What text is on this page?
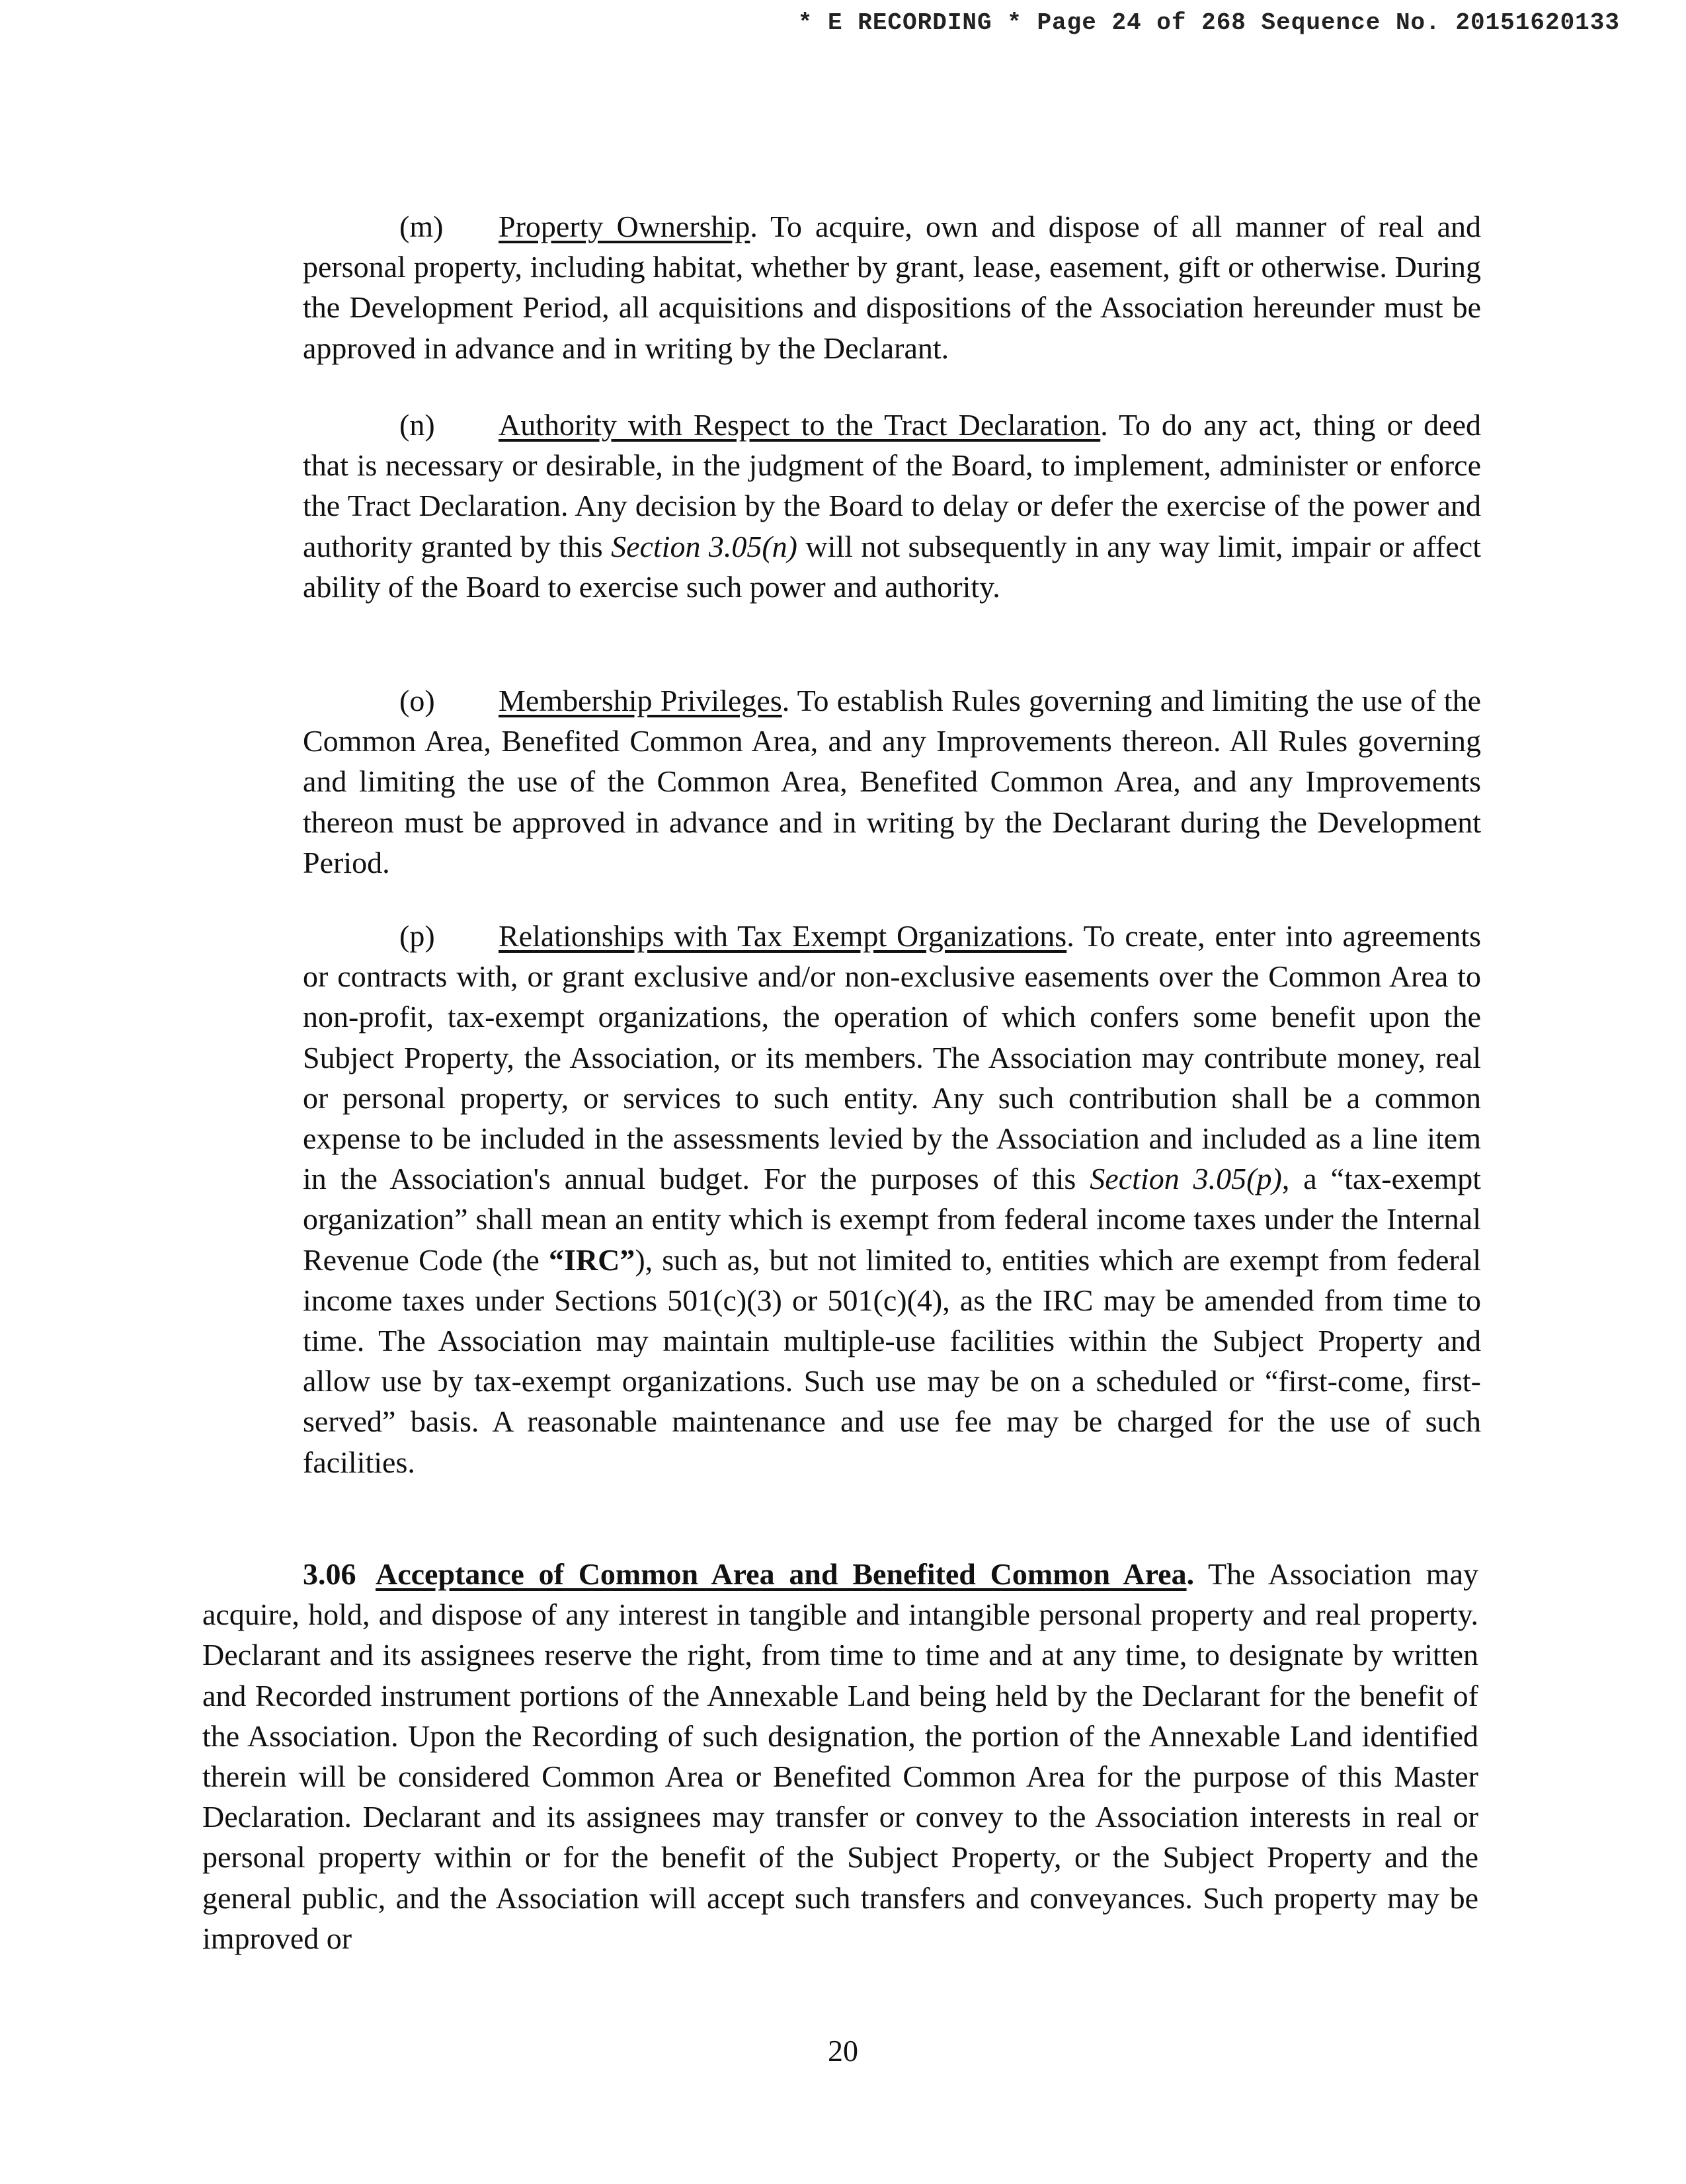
* E RECORDING * Page 24 of 268 Sequence No. 20151620133
(m) Property Ownership. To acquire, own and dispose of all manner of real and personal property, including habitat, whether by grant, lease, easement, gift or otherwise. During the Development Period, all acquisitions and dispositions of the Association hereunder must be approved in advance and in writing by the Declarant.
(n) Authority with Respect to the Tract Declaration. To do any act, thing or deed that is necessary or desirable, in the judgment of the Board, to implement, administer or enforce the Tract Declaration. Any decision by the Board to delay or defer the exercise of the power and authority granted by this Section 3.05(n) will not subsequently in any way limit, impair or affect ability of the Board to exercise such power and authority.
(o) Membership Privileges. To establish Rules governing and limiting the use of the Common Area, Benefited Common Area, and any Improvements thereon. All Rules governing and limiting the use of the Common Area, Benefited Common Area, and any Improvements thereon must be approved in advance and in writing by the Declarant during the Development Period.
(p) Relationships with Tax Exempt Organizations. To create, enter into agreements or contracts with, or grant exclusive and/or non-exclusive easements over the Common Area to non-profit, tax-exempt organizations, the operation of which confers some benefit upon the Subject Property, the Association, or its members. The Association may contribute money, real or personal property, or services to such entity. Any such contribution shall be a common expense to be included in the assessments levied by the Association and included as a line item in the Association's annual budget. For the purposes of this Section 3.05(p), a “tax-exempt organization” shall mean an entity which is exempt from federal income taxes under the Internal Revenue Code (the “IRC”), such as, but not limited to, entities which are exempt from federal income taxes under Sections 501(c)(3) or 501(c)(4), as the IRC may be amended from time to time. The Association may maintain multiple-use facilities within the Subject Property and allow use by tax-exempt organizations. Such use may be on a scheduled or “first-come, first-served” basis. A reasonable maintenance and use fee may be charged for the use of such facilities.
3.06 Acceptance of Common Area and Benefited Common Area. The Association may acquire, hold, and dispose of any interest in tangible and intangible personal property and real property. Declarant and its assignees reserve the right, from time to time and at any time, to designate by written and Recorded instrument portions of the Annexable Land being held by the Declarant for the benefit of the Association. Upon the Recording of such designation, the portion of the Annexable Land identified therein will be considered Common Area or Benefited Common Area for the purpose of this Master Declaration. Declarant and its assignees may transfer or convey to the Association interests in real or personal property within or for the benefit of the Subject Property, or the Subject Property and the general public, and the Association will accept such transfers and conveyances. Such property may be improved or
20
